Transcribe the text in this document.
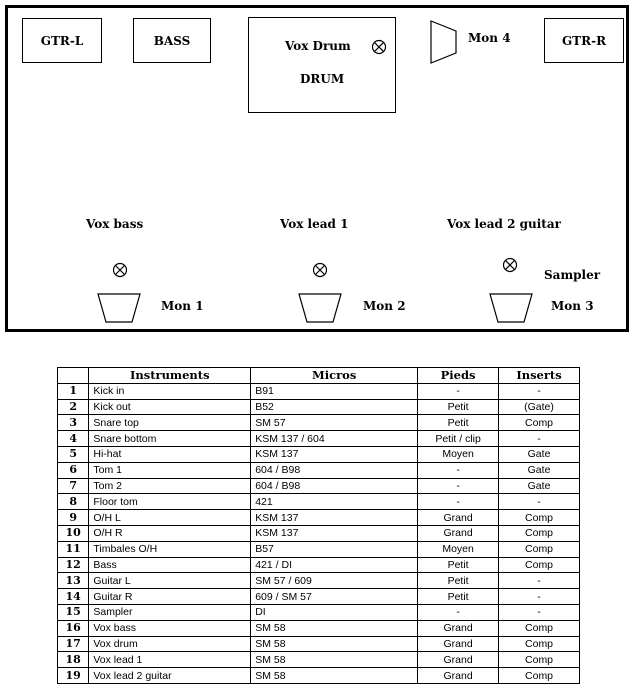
GTR-L	BASS	Vox Drum
DRUM
Mon 4	GTR-R
Vox bass	Vox lead 1	Vox lead 2 guitar
Sampler
Mon 1	Mon 2	Mon 3
	Instruments	Micros	Pieds	Inserts
1	Kick in	B91	-	-
2	Kick out	B52	Petit	(Gate)
3	Snare top	SM 57	Petit	Comp
4	Snare bottom	KSM 137 / 604	Petit / clip	-
5	Hi-hat	KSM 137	Moyen	Gate
6	Tom 1	604 / B98	-	Gate
7	Tom 2	604 / B98	-	Gate
8	Floor tom	421	-	-
9	O/H L	KSM 137	Grand	Comp
10	O/H R	KSM 137	Grand	Comp
11	Timbales O/H	B57	Moyen	Comp
12	Bass	421 / DI	Petit	Comp
13	Guitar L	SM 57 / 609	Petit	-
14	Guitar R	609 / SM 57	Petit	-
15	Sampler	DI	-	-
16	Vox bass	SM 58	Grand	Comp
17	Vox drum	SM 58	Grand	Comp
18	Vox lead 1	SM 58	Grand	Comp
19	Vox lead 2 guitar	SM 58	Grand	Comp
